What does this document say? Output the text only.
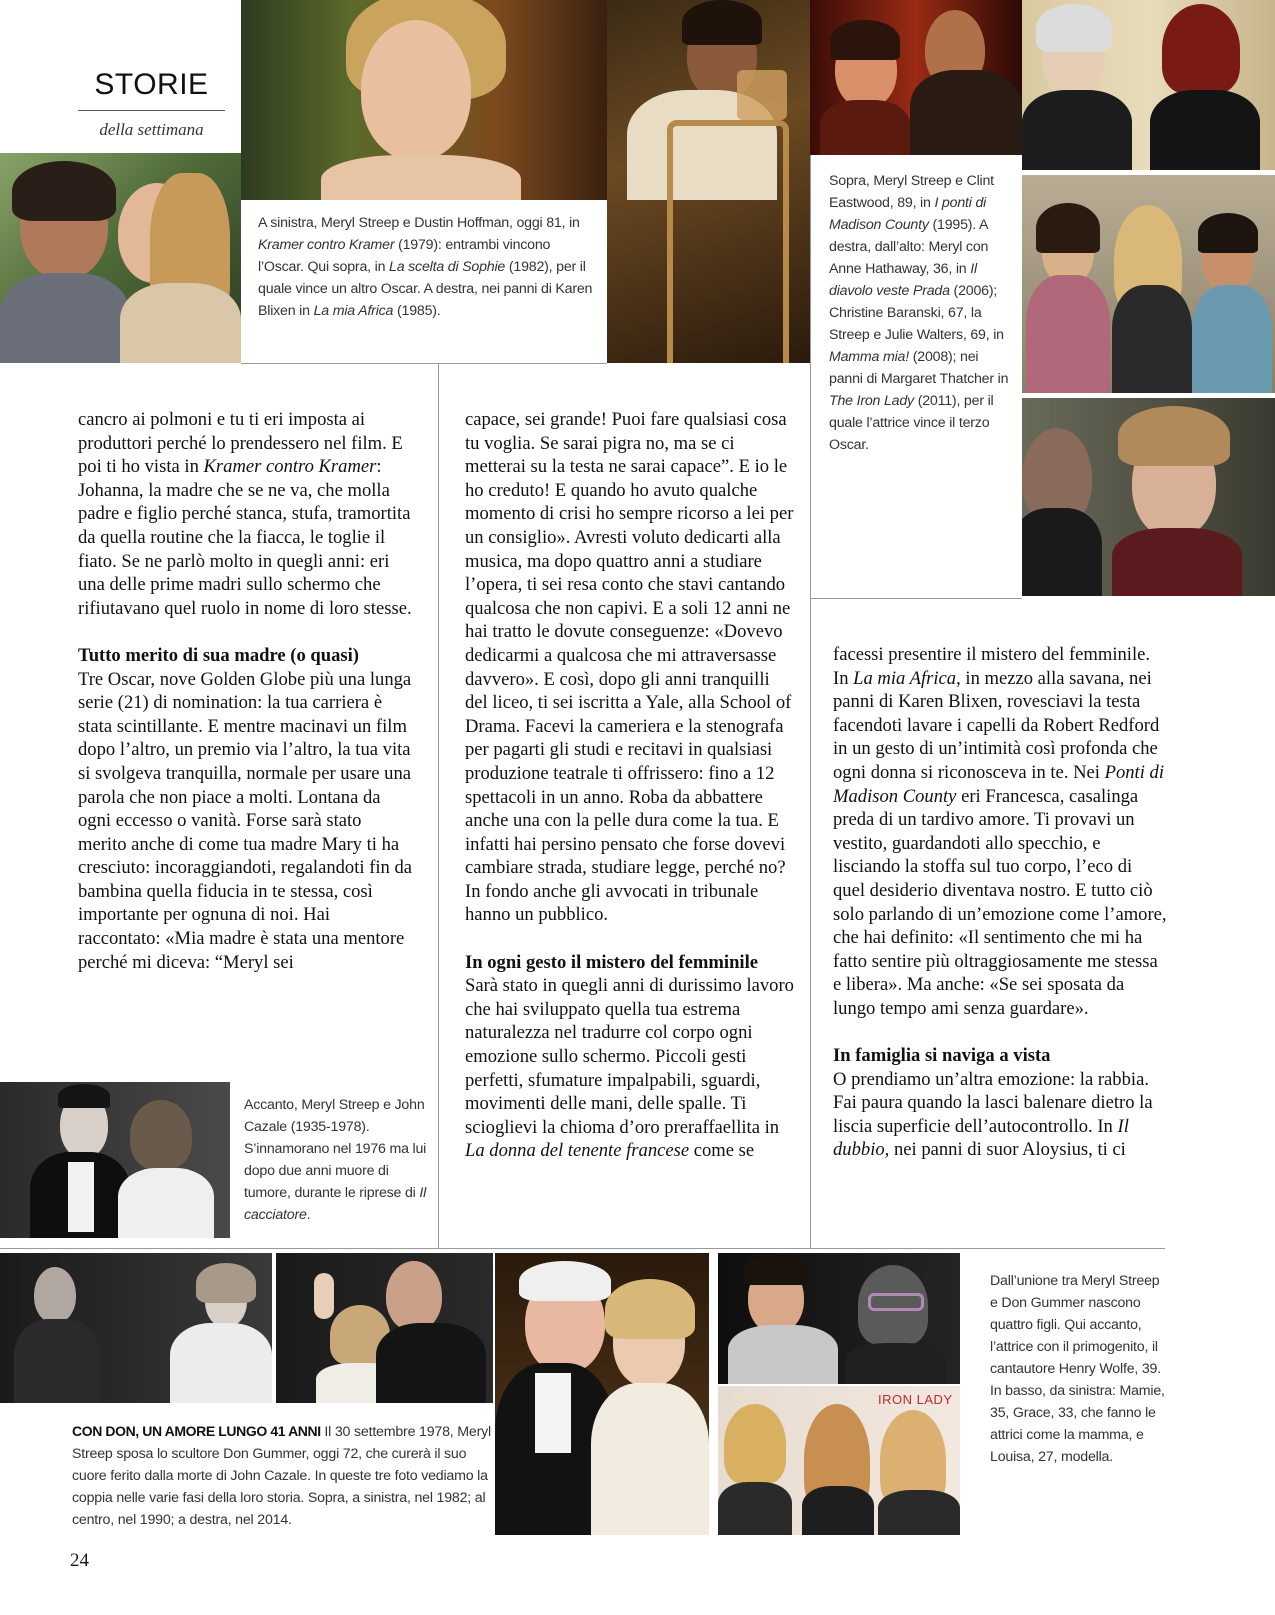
STORIE
della settimana
A sinistra, Meryl Streep e Dustin Hoffman, oggi 81, in Kramer contro Kramer (1979): entrambi vincono l’Oscar. Qui sopra, in La scelta di Sophie (1982), per il quale vince un altro Oscar. A destra, nei panni di Karen Blixen in La mia Africa (1985).
Sopra, Meryl Streep e Clint Eastwood, 89, in I ponti di Madison County (1995). A destra, dall’alto: Meryl con Anne Hathaway, 36, in Il diavolo veste Prada (2006); Christine Baranski, 67, la Streep e Julie Walters, 69, in Mamma mia! (2008); nei panni di Margaret Thatcher in The Iron Lady (2011), per il quale l’attrice vince il terzo Oscar.

cancro ai polmoni e tu ti eri imposta ai produttori perché lo prendessero nel film. E poi ti ho vista in Kramer contro Kramer: Johanna, la madre che se ne va, che molla padre e figlio perché stanca, stufa, tramortita da quella routine che la fiacca, le toglie il fiato. Se ne parlò molto in quegli anni: eri una delle prime madri sullo schermo che rifiutavano quel ruolo in nome di loro stesse.

Tutto merito di sua madre (o quasi)

Tre Oscar, nove Golden Globe più una lunga serie (21) di nomination: la tua carriera è stata scintillante. E mentre macinavi un film dopo l’altro, un premio via l’altro, la tua vita si svolgeva tranquilla, normale per usare una parola che non piace a molti. Lontana da ogni eccesso o vanità. Forse sarà stato merito anche di come tua madre Mary ti ha cresciuto: incoraggiandoti, regalandoti fin da bambina quella fiducia in te stessa, così importante per ognuna di noi. Hai raccontato: «Mia madre è stata una mentore perché mi diceva: “Meryl sei

capace, sei grande! Puoi fare qualsiasi cosa tu voglia. Se sarai pigra no, ma se ci metterai su la testa ne sarai capace”. E io le ho creduto! E quando ho avuto qualche momento di crisi ho sempre ricorso a lei per un consiglio». Avresti voluto dedicarti alla musica, ma dopo quattro anni a studiare l’opera, ti sei resa conto che stavi cantando qualcosa che non capivi. E a soli 12 anni ne hai tratto le dovute conseguenze: «Dovevo dedicarmi a qualcosa che mi attraversasse davvero». E così, dopo gli anni tranquilli del liceo, ti sei iscritta a Yale, alla School of Drama. Facevi la cameriera e la stenografa per pagarti gli studi e recitavi in qualsiasi produzione teatrale ti offrissero: fino a 12 spettacoli in un anno. Roba da abbattere anche una con la pelle dura come la tua. E infatti hai persino pensato che forse dovevi cambiare strada, studiare legge, perché no? In fondo anche gli avvocati in tribunale hanno un pubblico.

In ogni gesto il mistero del femminile

Sarà stato in quegli anni di durissimo lavoro che hai sviluppato quella tua estrema naturalezza nel tradurre col corpo ogni emozione sullo schermo. Piccoli gesti perfetti, sfumature impalpabili, sguardi, movimenti delle mani, delle spalle. Ti scioglievi la chioma d’oro preraffaellita in La donna del tenente francese come se

facessi presentire il mistero del femminile. In La mia Africa, in mezzo alla savana, nei panni di Karen Blixen, rovesciavi la testa facendoti lavare i capelli da Robert Redford in un gesto di un’intimità così profonda che ogni donna si riconosceva in te. Nei Ponti di Madison County eri Francesca, casalinga preda di un tardivo amore. Ti provavi un vestito, guardandoti allo specchio, e lisciando la stoffa sul tuo corpo, l’eco di quel desiderio diventava nostro. E tutto ciò solo parlando di un’emozione come l’amore, che hai definito: «Il sentimento che mi ha fatto sentire più oltraggiosamente me stessa e libera». Ma anche: «Se sei sposata da lungo tempo ami senza guardare».

In famiglia si naviga a vista

O prendiamo un’altra emozione: la rabbia. Fai paura quando la lasci balenare dietro la liscia superficie dell’autocontrollo. In Il dubbio, nei panni di suor Aloysius, ti ci

Accanto, Meryl Streep e John Cazale (1935-1978). S’innamorano nel 1976 ma lui dopo due anni muore di tumore, durante le riprese di Il cacciatore.
IRON LADY
CON DON, UN AMORE LUNGO 41 ANNI Il 30 settembre 1978, Meryl Streep sposa lo scultore Don Gummer, oggi 72, che curerà il suo cuore ferito dalla morte di John Cazale. In queste tre foto vediamo la coppia nelle varie fasi della loro storia. Sopra, a sinistra, nel 1982; al centro, nel 1990; a destra, nel 2014.
Dall’unione tra Meryl Streep e Don Gummer nascono quattro figli. Qui accanto, l’attrice con il primogenito, il cantautore Henry Wolfe, 39. In basso, da sinistra: Mamie, 35, Grace, 33, che fanno le attrici come la mamma, e Louisa, 27, modella.
24
